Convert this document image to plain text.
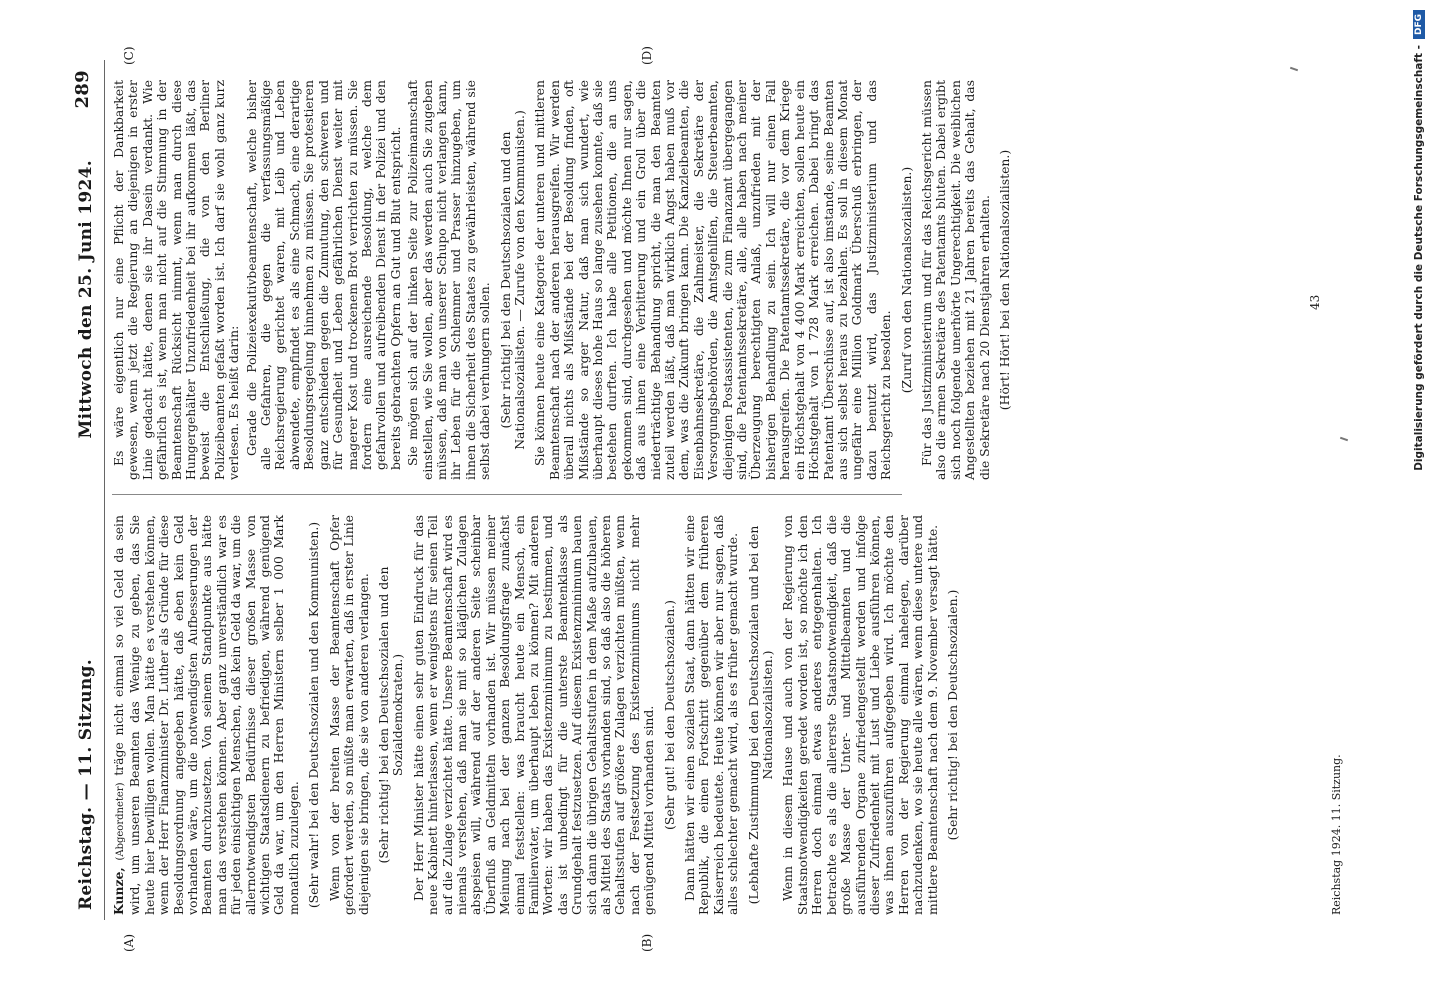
Reichstag. — 11. Sitzung.
Mittwoch den 25. Juni 1924.
289
(A)	(B)
(C)	(D)

Kunze, (Abgeordneter) träge nicht einmal so viel Geld da sein wird, um unseren Beamten das Wenige zu geben, das Sie heute hier bewilligen wollen. Man hätte es verstehen können, wenn der Herr Finanzminister Dr. Luther als Gründe für diese Besoldungsordnung angegeben hätte, daß eben kein Geld vorhanden wäre, um die notwendigsten Aufbesserungen der Beamten durchzusetzen. Von seinem Standpunkte aus hätte man das verstehen können. Aber ganz unverständlich war es für jeden einsichtigen Menschen, daß kein Geld da war, um die allernotwendigsten Bedürfnisse dieser großen Masse von wichtigen Staatsdienern zu befriedigen, während genügend Geld da war, um den Herren Ministern selber 1 000 Mark monatlich zuzulegen. (Sehr wahr! bei den Deutschsozialen und den Kommunisten.) Wenn von der breiten Masse der Beamtenschaft Opfer gefordert werden, so müßte man erwarten, daß in erster Linie diejenigen sie bringen, die sie von anderen verlangen. (Sehr richtig! bei den Deutschsozialen und den Sozialdemokraten.) Der Herr Minister hätte einen sehr guten Eindruck für das neue Kabinett hinterlassen, wenn er wenigstens für seinen Teil auf die Zulage verzichtet hätte. Unsere Beamtenschaft wird es niemals verstehen, daß man sie mit so kläglichen Zulagen abspeisen will, während auf der anderen Seite scheinbar Überfluß an Geldmitteln vorhanden ist. Wir müssen meiner Meinung nach bei der ganzen Besoldungsfrage zunächst einmal feststellen: was braucht heute ein Mensch, ein Familienvater, um überhaupt leben zu können? Mit anderen Worten: wir haben das Existenzminimum zu bestimmen, und das ist unbedingt für die unterste Beamtenklasse als Grundgehalt festzusetzen. Auf diesem Existenzminimum bauen sich dann die übrigen Gehaltsstufen in dem Maße aufzubauen, als Mittel des Staats vorhanden sind, so daß also die höheren Gehaltsstufen auf größere Zulagen verzichten müßten, wenn nach der Festsetzung des Existenzminimums nicht mehr genügend Mittel vorhanden sind. (Sehr gut! bei den Deutschsozialen.) Dann hätten wir einen sozialen Staat, dann hätten wir eine Republik, die einen Fortschritt gegenüber dem früheren Kaiserreich bedeutete. Heute können wir aber nur sagen, daß alles schlechter gemacht wird, als es früher gemacht wurde. (Lebhafte Zustimmung bei den Deutschsozialen und bei den Nationalsozialisten.) Wenn in diesem Hause und auch von der Regierung von Staatsnotwendigkeiten geredet worden ist, so möchte ich den Herren doch einmal etwas anderes entgegenhalten. Ich betrachte es als die allererste Staatsnotwendigkeit, daß die große Masse der Unter- und Mittelbeamten und die ausführenden Organe zufriedengestellt werden und infolge dieser Zufriedenheit mit Lust und Liebe ausführen können, was ihnen auszuführen aufgegeben wird. Ich möchte den Herren von der Regierung einmal nahelegen, darüber nachzudenken, wo sie heute alle wären, wenn diese untere und mittlere Beamtenschaft nach dem 9. November versagt hätte. (Sehr richtig! bei den Deutschsozialen.)

Es wäre eigentlich nur eine Pflicht der Dankbarkeit gewesen, wenn jetzt die Regierung an diejenigen in erster Linie gedacht hätte, denen sie ihr Dasein verdankt. Wie gefährlich es ist, wenn man nicht auf die Stimmung in der Beamtenschaft Rücksicht nimmt, wenn man durch diese Hungergehälter Unzufriedenheit bei ihr aufkommen läßt, das beweist die Entschließung, die von den Berliner Polizeibeamten gefaßt worden ist. Ich darf sie wohl ganz kurz verlesen. Es heißt darin: Gerade die Polizeiexekutivbeamtenschaft, welche bisher alle Gefahren, die gegen die verfassungsmäßige Reichsregierung gerichtet waren, mit Leib und Leben abwendete, empfindet es als eine Schmach, eine derartige Besoldungsregelung hinnehmen zu müssen. Sie protestieren ganz entschieden gegen die Zumutung, den schweren und für Gesundheit und Leben gefährlichen Dienst weiter mit magerer Kost und trockenem Brot verrichten zu müssen. Sie fordern eine ausreichende Besoldung, welche dem gefahrvollen und aufreibenden Dienst in der Polizei und den bereits gebrachten Opfern an Gut und Blut entspricht. Sie mögen sich auf der linken Seite zur Polizeimannschaft einstellen, wie Sie wollen, aber das werden auch Sie zugeben müssen, daß man von unserer Schupo nicht verlangen kann, ihr Leben für die Schlemmer und Prasser hinzugeben, um ihnen die Sicherheit des Staates zu gewährleisten, während sie selbst dabei verhungern sollen. (Sehr richtig! bei den Deutschsozialen und den Nationalsozialisten. — Zurufe von den Kommunisten.) Sie können heute eine Kategorie der unteren und mittleren Beamtenschaft nach der anderen herausgreifen. Wir werden überall nichts als Mißstände bei der Besoldung finden, oft Mißstände so arger Natur, daß man sich wundert, wie überhaupt dieses hohe Haus so lange zusehen konnte, daß sie bestehen durften. Ich habe alle Petitionen, die an uns gekommen sind, durchgesehen und möchte Ihnen nur sagen, daß aus ihnen eine Verbitterung und ein Groll über die niederträchtige Behandlung spricht, die man den Beamten zuteil werden läßt, daß man wirklich Angst haben muß vor dem, was die Zukunft bringen kann. Die Kanzleibeamten, die Eisenbahnsekretäre, die Zahlmeister, die Sekretäre der Versorgungsbehörden, die Amtsgehilfen, die Steuerbeamten, diejenigen Postassistenten, die zum Finanzamt übergegangen sind, die Patentamtssekretäre, alle, alle haben nach meiner Überzeugung berechtigten Anlaß, unzufrieden mit der bisherigen Behandlung zu sein. Ich will nur einen Fall herausgreifen. Die Patentamtssekretäre, die vor dem Kriege ein Höchstgehalt von 4 400 Mark erreichten, sollen heute ein Höchstgehalt von 1 728 Mark erreichen. Dabei bringt das Patentamt Überschüsse auf, ist also imstande, seine Beamten aus sich selbst heraus zu bezahlen. Es soll in diesem Monat ungefähr eine Million Goldmark Überschuß erbringen, der dazu benutzt wird, das Justizministerium und das Reichsgericht zu besolden.

(Zuruf von den Nationalsozialisten.) Für das Justizministerium und für das Reichsgericht müssen also die armen Sekretäre des Patentamts bluten. Dabei ergibt sich noch folgende unerhörte Ungerechtigkeit. Die weiblichen Angestellten beziehen mit 21 Jahren bereits das Gehalt, das die Sekretäre nach 20 Dienstjahren erhalten. (Hört! Hört! bei den Nationalsozialisten.)

Reichstag 1924. 11. Sitzung.
43	Digitalisierung gefördert durch die Deutsche Forschungsgemeinschaft -
DFG
